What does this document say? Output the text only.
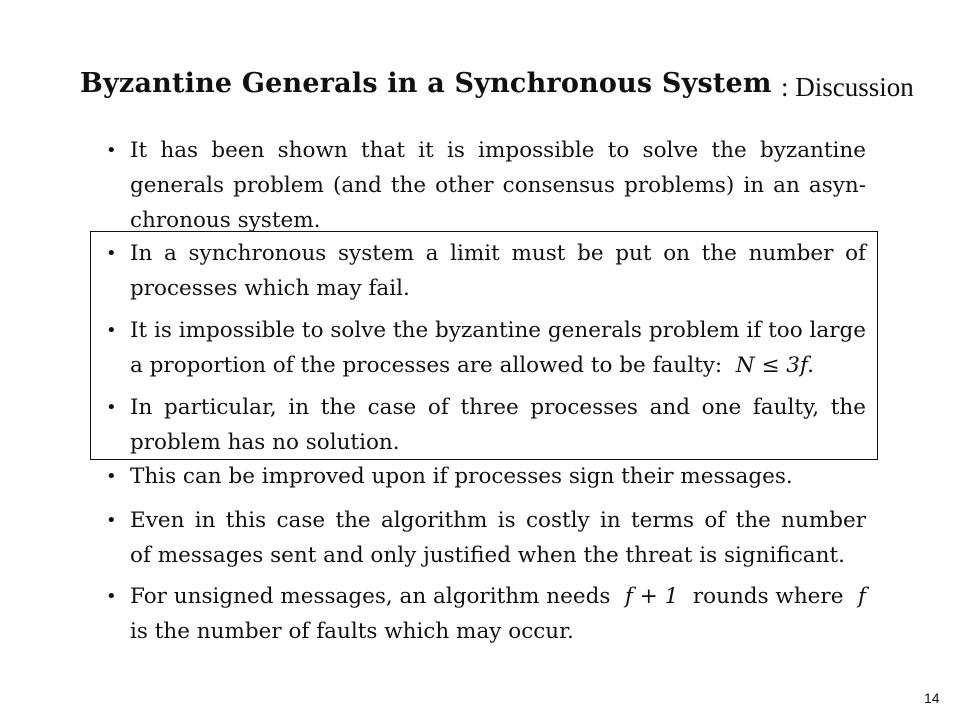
Byzantine Generals in a Synchronous System : Discussion
• It has been shown that it is impossible to solve the byzantine
generals problem (and the other consensus problems) in an asyn-
chronous system.
• In a synchronous system a limit must be put on the number of
processes which may fail.
• It is impossible to solve the byzantine generals problem if too large
a proportion of the processes are allowed to be faulty: N ≤ 3f.
• In particular, in the case of three processes and one faulty, the
problem has no solution.
• This can be improved upon if processes sign their messages.
• Even in this case the algorithm is costly in terms of the number
of messages sent and only justified when the threat is significant.
• For unsigned messages, an algorithm needs f + 1 rounds where f
is the number of faults which may occur.
14
